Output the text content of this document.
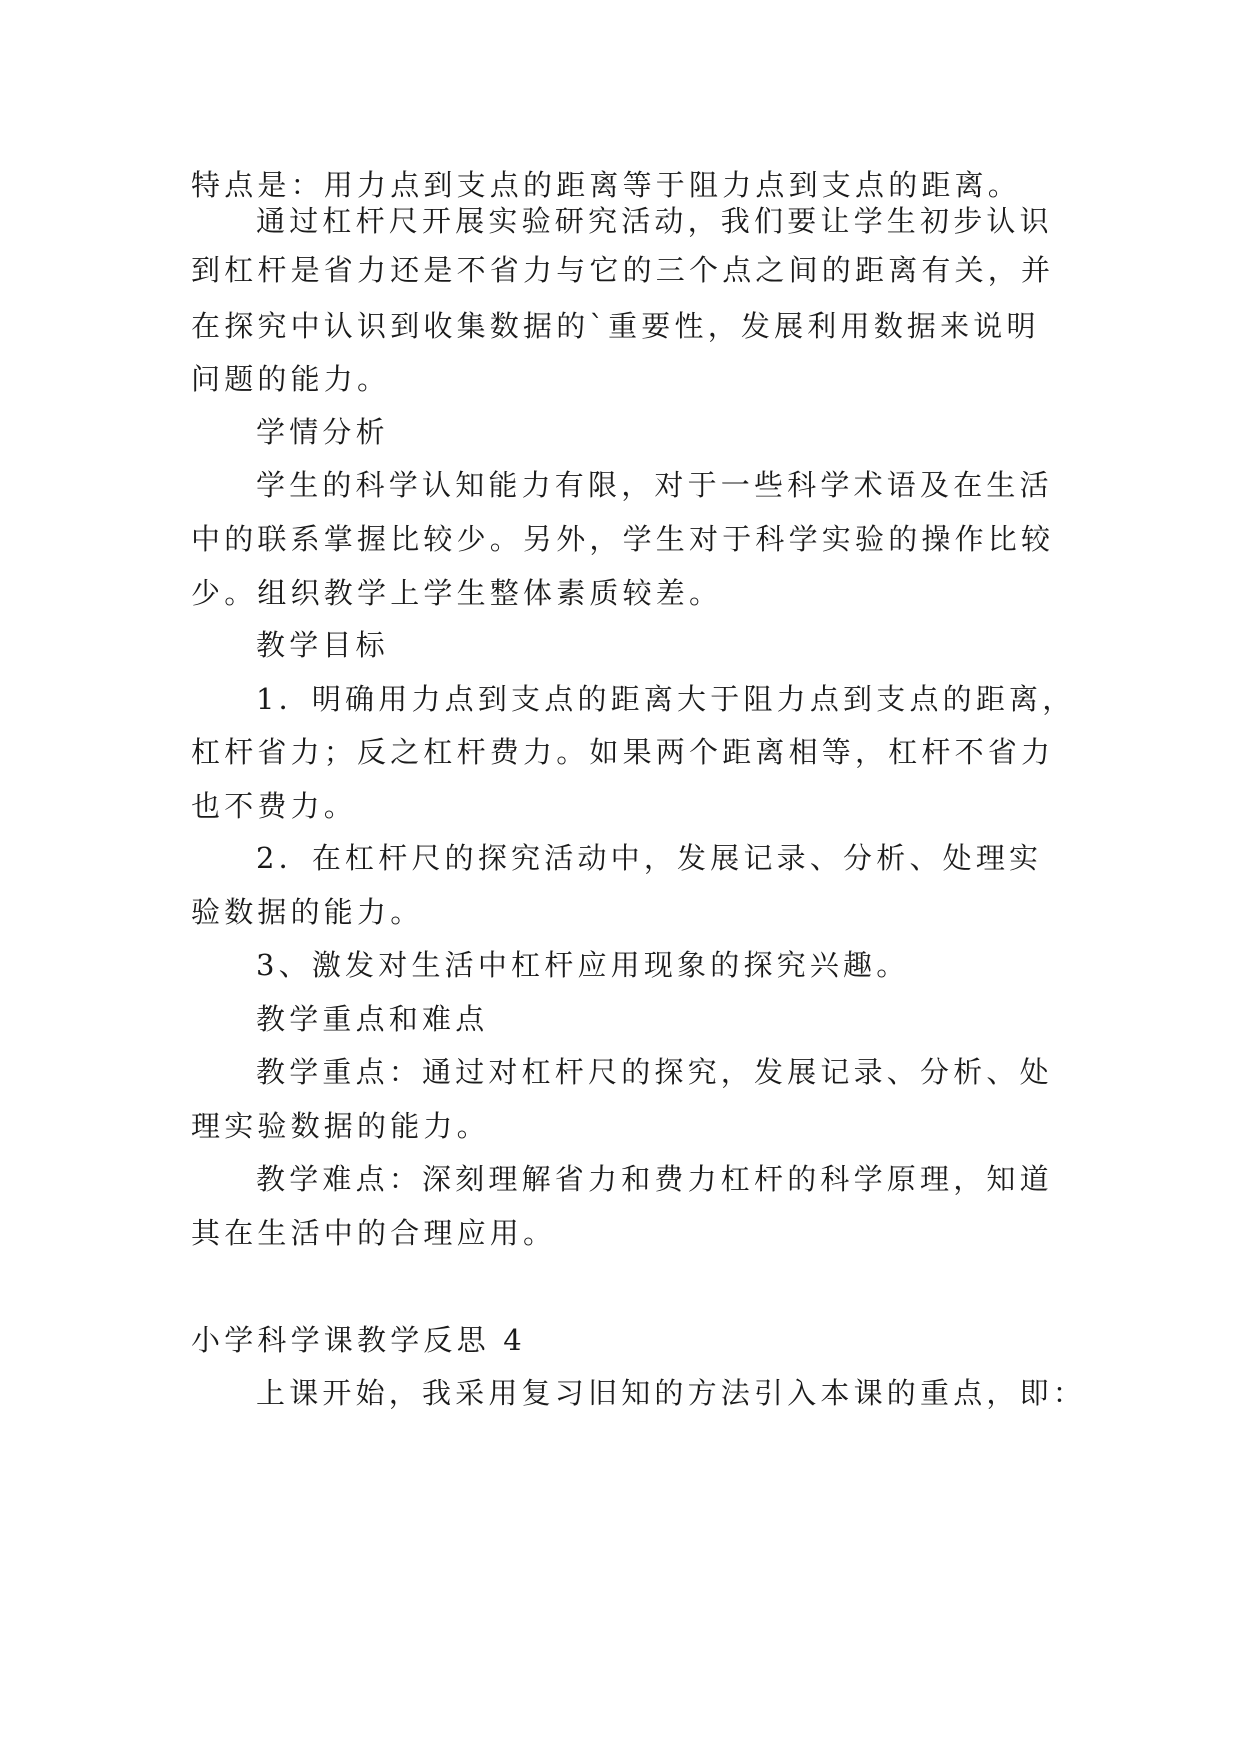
特点是：用力点到支点的距离等于阻力点到支点的距离。
通过杠杆尺开展实验研究活动，我们要让学生初步认识
到杠杆是省力还是不省力与它的三个点之间的距离有关，并
在探究中认识到收集数据的`重要性，发展利用数据来说明
问题的能力。
学情分析
学生的科学认知能力有限，对于一些科学术语及在生活
中的联系掌握比较少。另外，学生对于科学实验的操作比较
少。组织教学上学生整体素质较差。
教学目标
1．明确用力点到支点的距离大于阻力点到支点的距离，
杠杆省力；反之杠杆费力。如果两个距离相等，杠杆不省力
也不费力。
2．在杠杆尺的探究活动中，发展记录、分析、处理实
验数据的能力。
3、激发对生活中杠杆应用现象的探究兴趣。
教学重点和难点
教学重点：通过对杠杆尺的探究，发展记录、分析、处
理实验数据的能力。
教学难点：深刻理解省力和费力杠杆的科学原理，知道
其在生活中的合理应用。
小学科学课教学反思 4
上课开始，我采用复习旧知的方法引入本课的重点，即：
